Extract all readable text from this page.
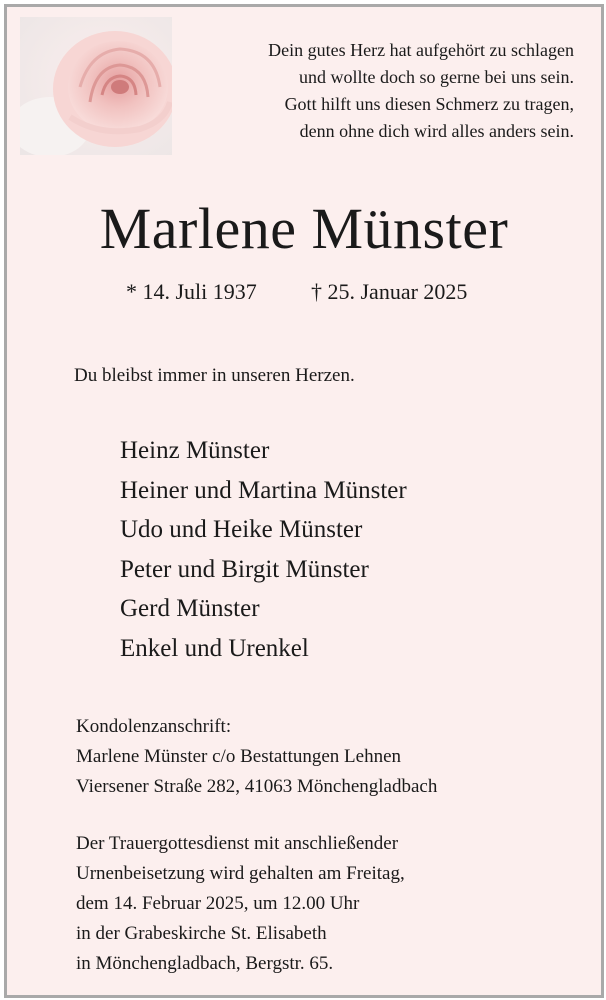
Dein gutes Herz hat aufgehört zu schlagen
und wollte doch so gerne bei uns sein.
Gott hilft uns diesen Schmerz zu tragen,
denn ohne dich wird alles anders sein.
Marlene Münster
* 14. Juli 1937 † 25. Januar 2025
Du bleibst immer in unseren Herzen.
Heinz Münster
Heiner und Martina Münster
Udo und Heike Münster
Peter und Birgit Münster
Gerd Münster
Enkel und Urenkel
Kondolenzanschrift:
Marlene Münster c/o Bestattungen Lehnen
Viersener Straße 282, 41063 Mönchengladbach
Der Trauergottesdienst mit anschließender
Urnenbeisetzung wird gehalten am Freitag,
dem 14. Februar 2025, um 12.00 Uhr
in der Grabeskirche St. Elisabeth
in Mönchengladbach, Bergstr. 65.
